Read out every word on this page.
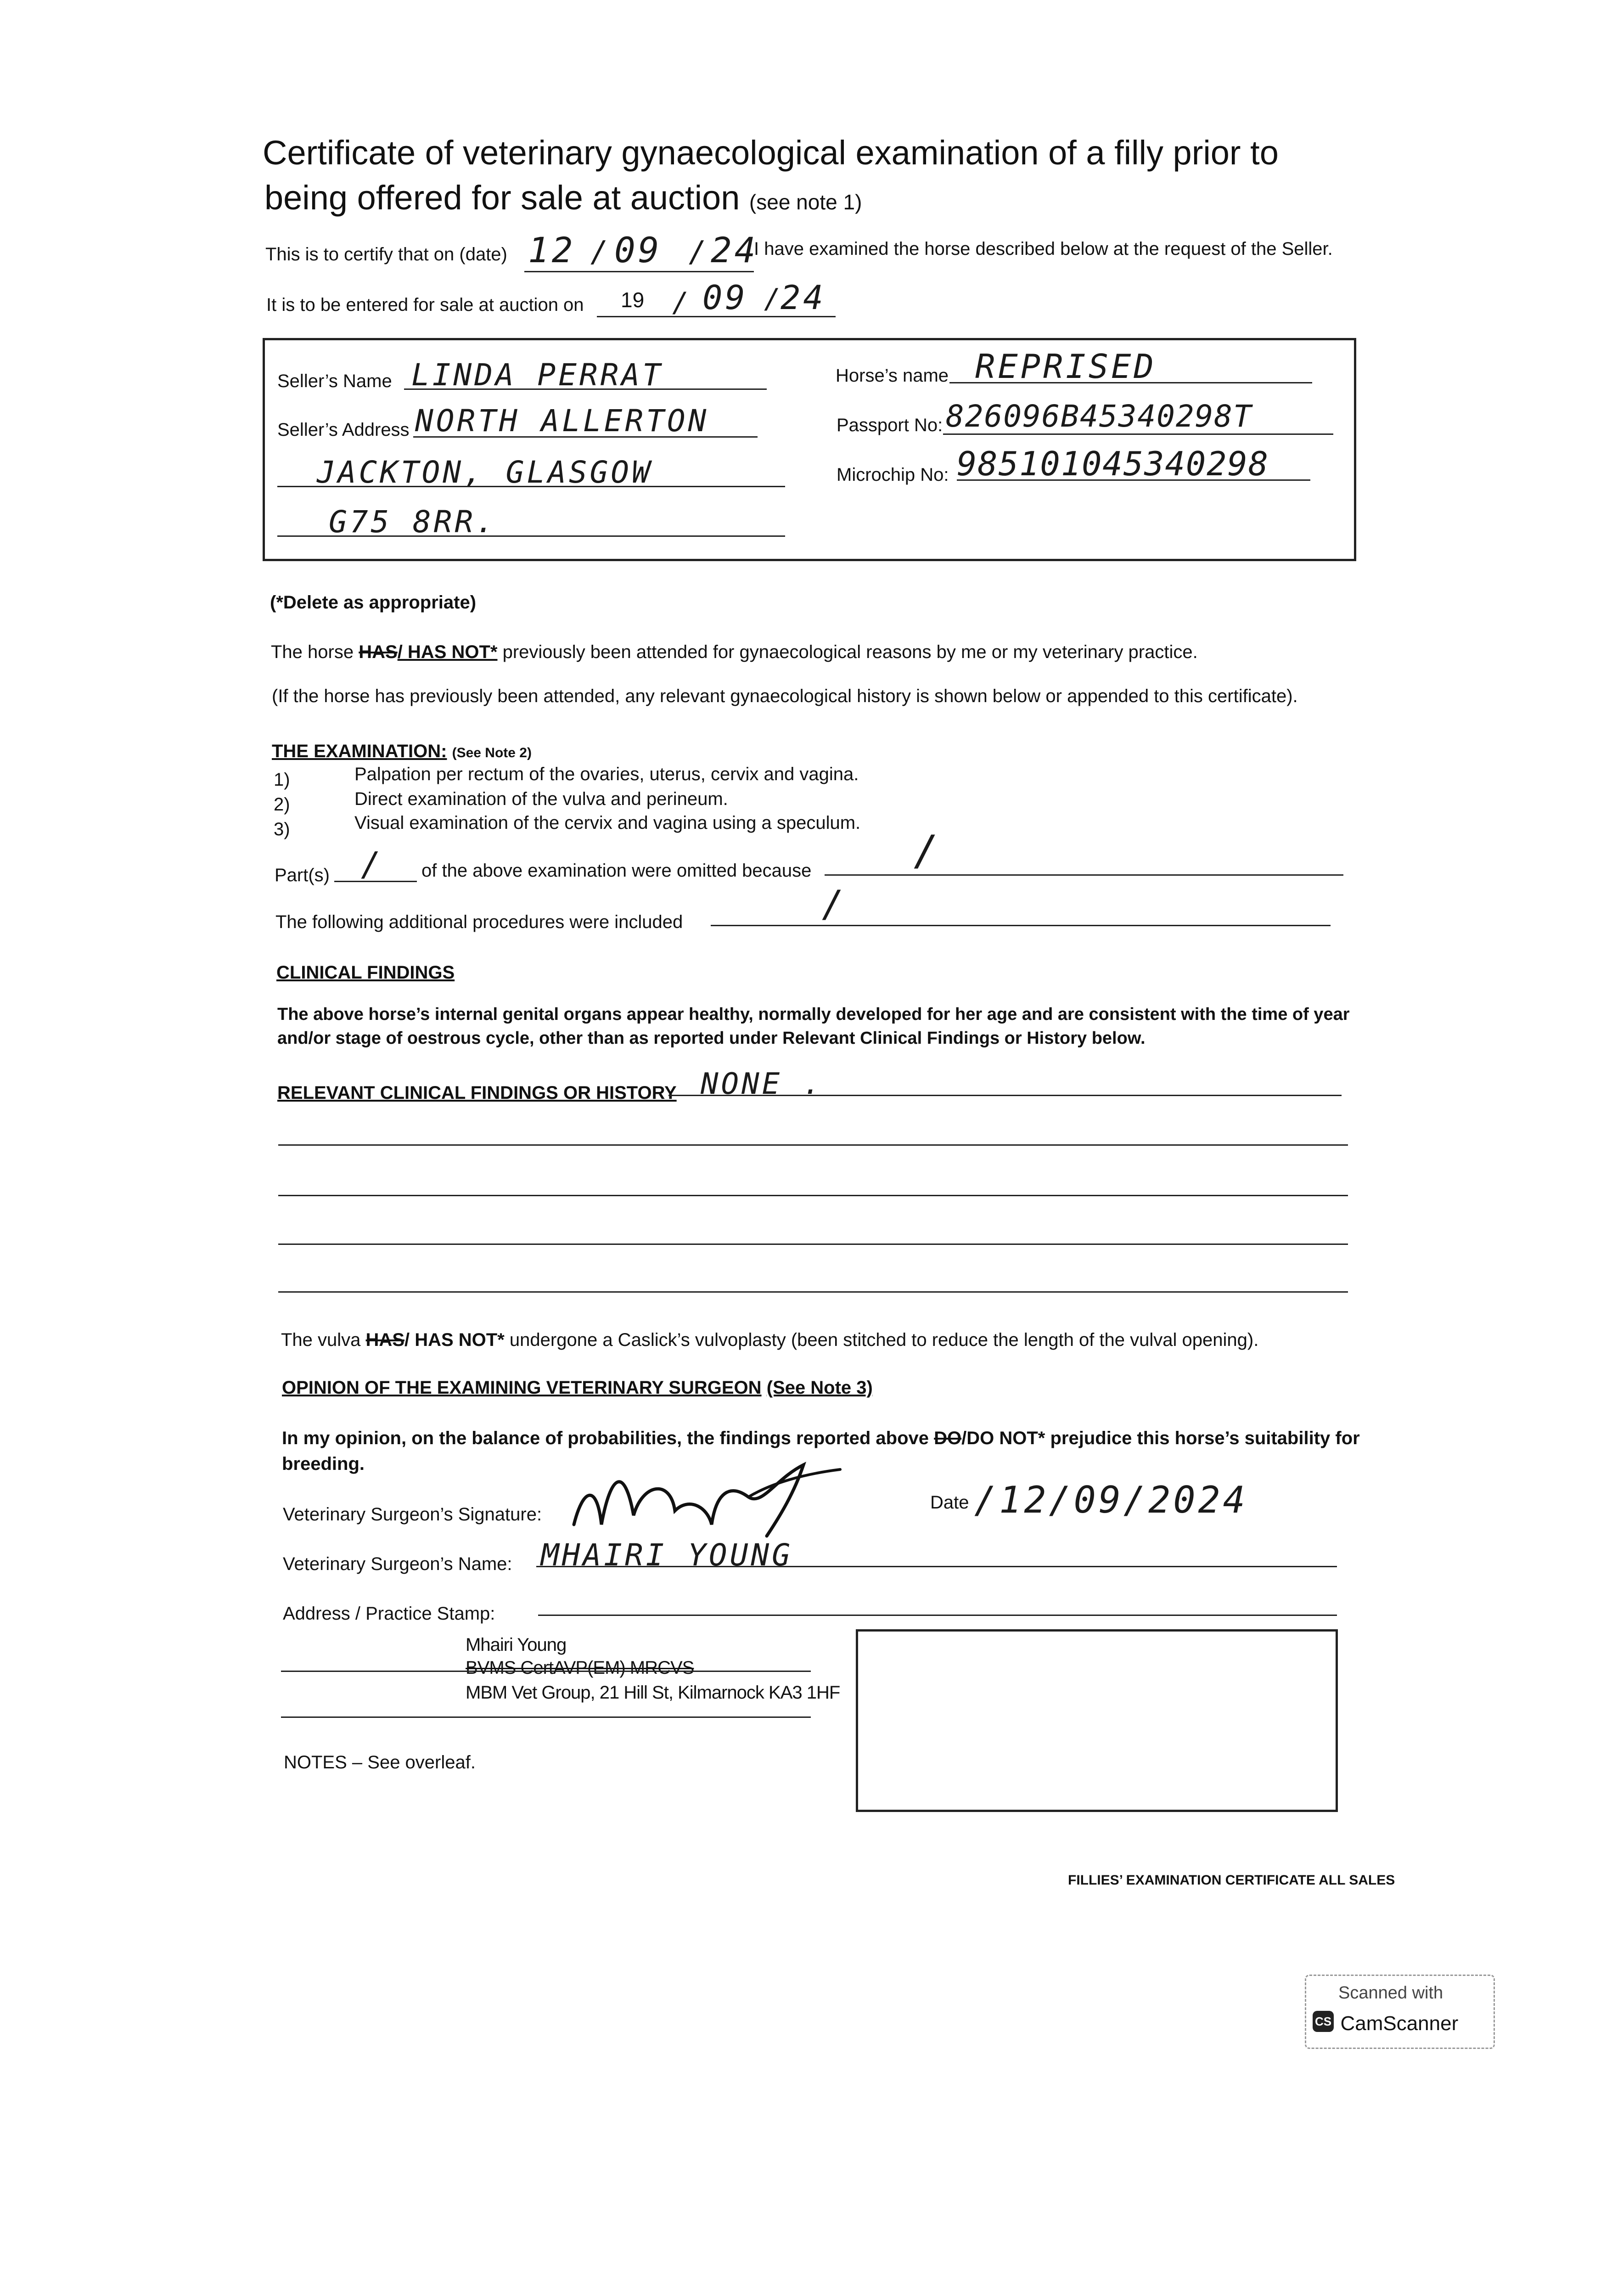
Certificate of veterinary gynaecological examination of a filly prior to
being offered for sale at auction (see note 1)
This is to certify that on (date) 12 / 09 / 24
I have examined the horse described below at the request of the Seller.
It is to be entered for sale at auction on 19 / 09 /
24
Seller’s Name LINDA PERRAT
Seller’s Address NORTH ALLERTON
JACKTON, GLASGOW
G75 8RR.
Horse’s name REPRISED
Passport No: 826096B45340298T
Microchip No: 985101045340298
(*Delete as appropriate)
The horse HAS/ HAS NOT* previously been attended for gynaecological reasons by me or my veterinary practice.
(If the horse has previously been attended, any relevant gynaecological history is shown below or appended to this certificate).
THE EXAMINATION: (See Note 2)
1)	Palpation per rectum of the ovaries, uterus, cervix and vagina.
2)	Direct examination of the vulva and perineum.
3)	Visual examination of the cervix and vagina using a speculum.
Part(s) / of the above examination were omitted because /
The following additional procedures were included	/
CLINICAL FINDINGS
The above horse’s internal genital organs appear healthy, normally developed for her age and are consistent with the time of year
and/or stage of oestrous cycle, other than as reported under Relevant Clinical Findings or History below.
RELEVANT CLINICAL FINDINGS OR HISTORY NONE .
The vulva HAS/ HAS NOT* undergone a Caslick’s vulvoplasty (been stitched to reduce the length of the vulval opening).
OPINION OF THE EXAMINING VETERINARY SURGEON (See Note 3)
In my opinion, on the balance of probabilities, the findings reported above DO/DO NOT* prejudice this horse’s suitability for
breeding.
Veterinary Surgeon’s Signature:
Date /12/09/2024
Veterinary Surgeon’s Name: MHAIRI YOUNG
Address / Practice Stamp:
Mhairi Young
BVMS CertAVP(EM) MRCVS
MBM Vet Group, 21 Hill St, Kilmarnock KA3 1HF
NOTES – See overleaf.
FILLIES’ EXAMINATION CERTIFICATE ALL SALES
Scanned with
CS CamScanner
